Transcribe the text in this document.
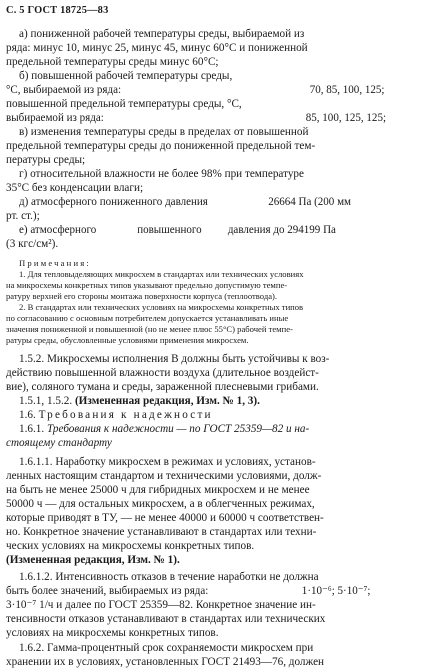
С. 5 ГОСТ 18725—83
а) пониженной рабочей температуры среды, выбираемой из
ряда: минус 10, минус 25, минус 45, минус 60°C и пониженной
предельной температуры среды минус 60°C;
б) повышенной рабочей температуры среды,
°C, выбираемой из ряда:	70, 85, 100, 125;
повышенной предельной температуры среды, °C,
выбираемой из ряда:	85, 100, 125, 125;
в) изменения температуры среды в пределах от повышенной
предельной температуры среды до пониженной предельной тем-
пературы среды;
г) относительной влажности не более 98% при температуре
35°C без конденсации влаги;
д) атмосферного пониженного давления	26664 Па (200 мм
рт. ст.);
е) атмосферного	повышенного давления до 294199 Па
(3 кгс/см²).
Примечания:
1. Для тепловыделяющих микросхем в стандартах или технических условиях
на микросхемы конкретных типов указывают предельно допустимую темпе-
ратуру верхней его стороны монтажа поверхности корпуса (теплоотвода).
2. В стандартах или технических условиях на микросхемы конкретных типов
по согласованию с основным потребителем допускается устанавливать иные
значения пониженной и повышенной (но не менее плюс 55°C) рабочей темпе-
ратуры среды, обусловленные условиями применения микросхем.
1.5.2. Микросхемы исполнения В должны быть устойчивы к воз-
действию повышенной влажности воздуха (длительное воздейст-
вие), соляного тумана и среды, зараженной плесневыми грибами.
1.5.1, 1.5.2. (Измененная редакция, Изм. № 1, 3).
1.6. Требования к надежности
1.6.1. Требования к надежности — по ГОСТ 25359—82 и на-
стоящему стандарту
1.6.1.1. Наработку микросхем в режимах и условиях, установ-
ленных настоящим стандартом и техническими условиями, долж-
на быть не менее 25000 ч для гибридных микросхем и не менее
50000 ч — для остальных микросхем, а в облегченных режимах,
которые приводят в ТУ, — не менее 40000 и 60000 ч соответствен-
но. Конкретное значение устанавливают в стандартах или техни-
ческих условиях на микросхемы конкретных типов.
(Измененная редакция, Изм. № 1).
1.6.1.2. Интенсивность отказов в течение наработки не должна
быть более значений, выбираемых из ряда:	1·10⁻⁶; 5·10⁻⁷;
3·10⁻⁷ 1/ч и далее по ГОСТ 25359—82. Конкретное значение ин-
тенсивности отказов устанавливают в стандартах или технических
условиях на микросхемы конкретных типов.
1.6.2. Гамма-процентный срок сохраняемости микросхем при
хранении их в условиях, установленных ГОСТ 21493—76, должен
